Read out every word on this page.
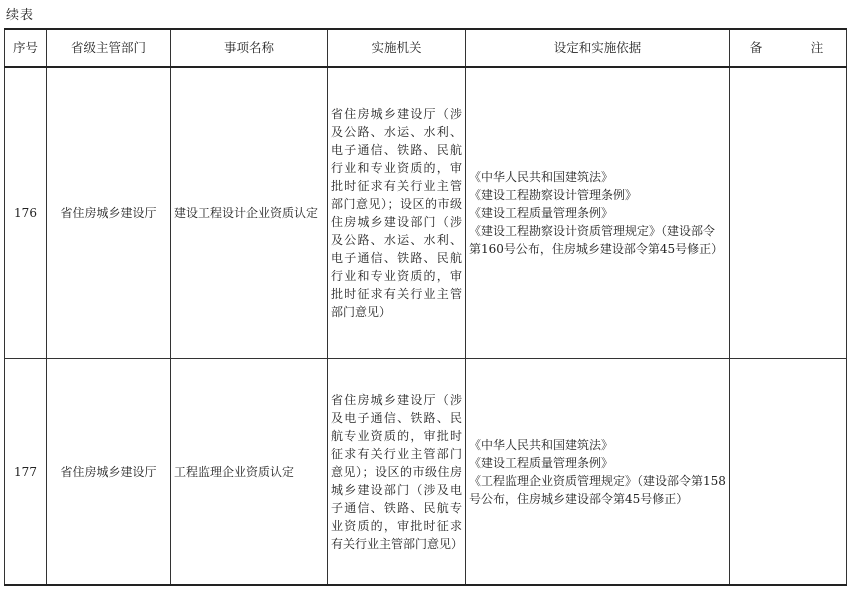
续表
序号	省级主管部门	事项名称	实施机关	设定和实施依据	备　注
176	省住房城乡建设厅	建设工程设计企业资质认定	省住房城乡建设厅（涉及公路、水运、水利、电子通信、铁路、民航行业和专业资质的，审批时征求有关行业主管部门意见）；设区的市级住房城乡建设部门（涉及公路、水运、水利、电子通信、铁路、民航行业和专业资质的，审批时征求有关行业主管部门意见）	《中华人民共和国建筑法》
《建设工程勘察设计管理条例》
《建设工程质量管理条例》
《建设工程勘察设计资质管理规定》（建设部令第160号公布，住房城乡建设部令第45号修正）	

177	省住房城乡建设厅	工程监理企业资质认定	省住房城乡建设厅（涉及电子通信、铁路、民航专业资质的，审批时征求有关行业主管部门意见）；设区的市级住房城乡建设部门（涉及电子通信、铁路、民航专业资质的，审批时征求有关行业主管部门意见）	《中华人民共和国建筑法》
《建设工程质量管理条例》
《工程监理企业资质管理规定》（建设部令第158号公布，住房城乡建设部令第45号修正）	
